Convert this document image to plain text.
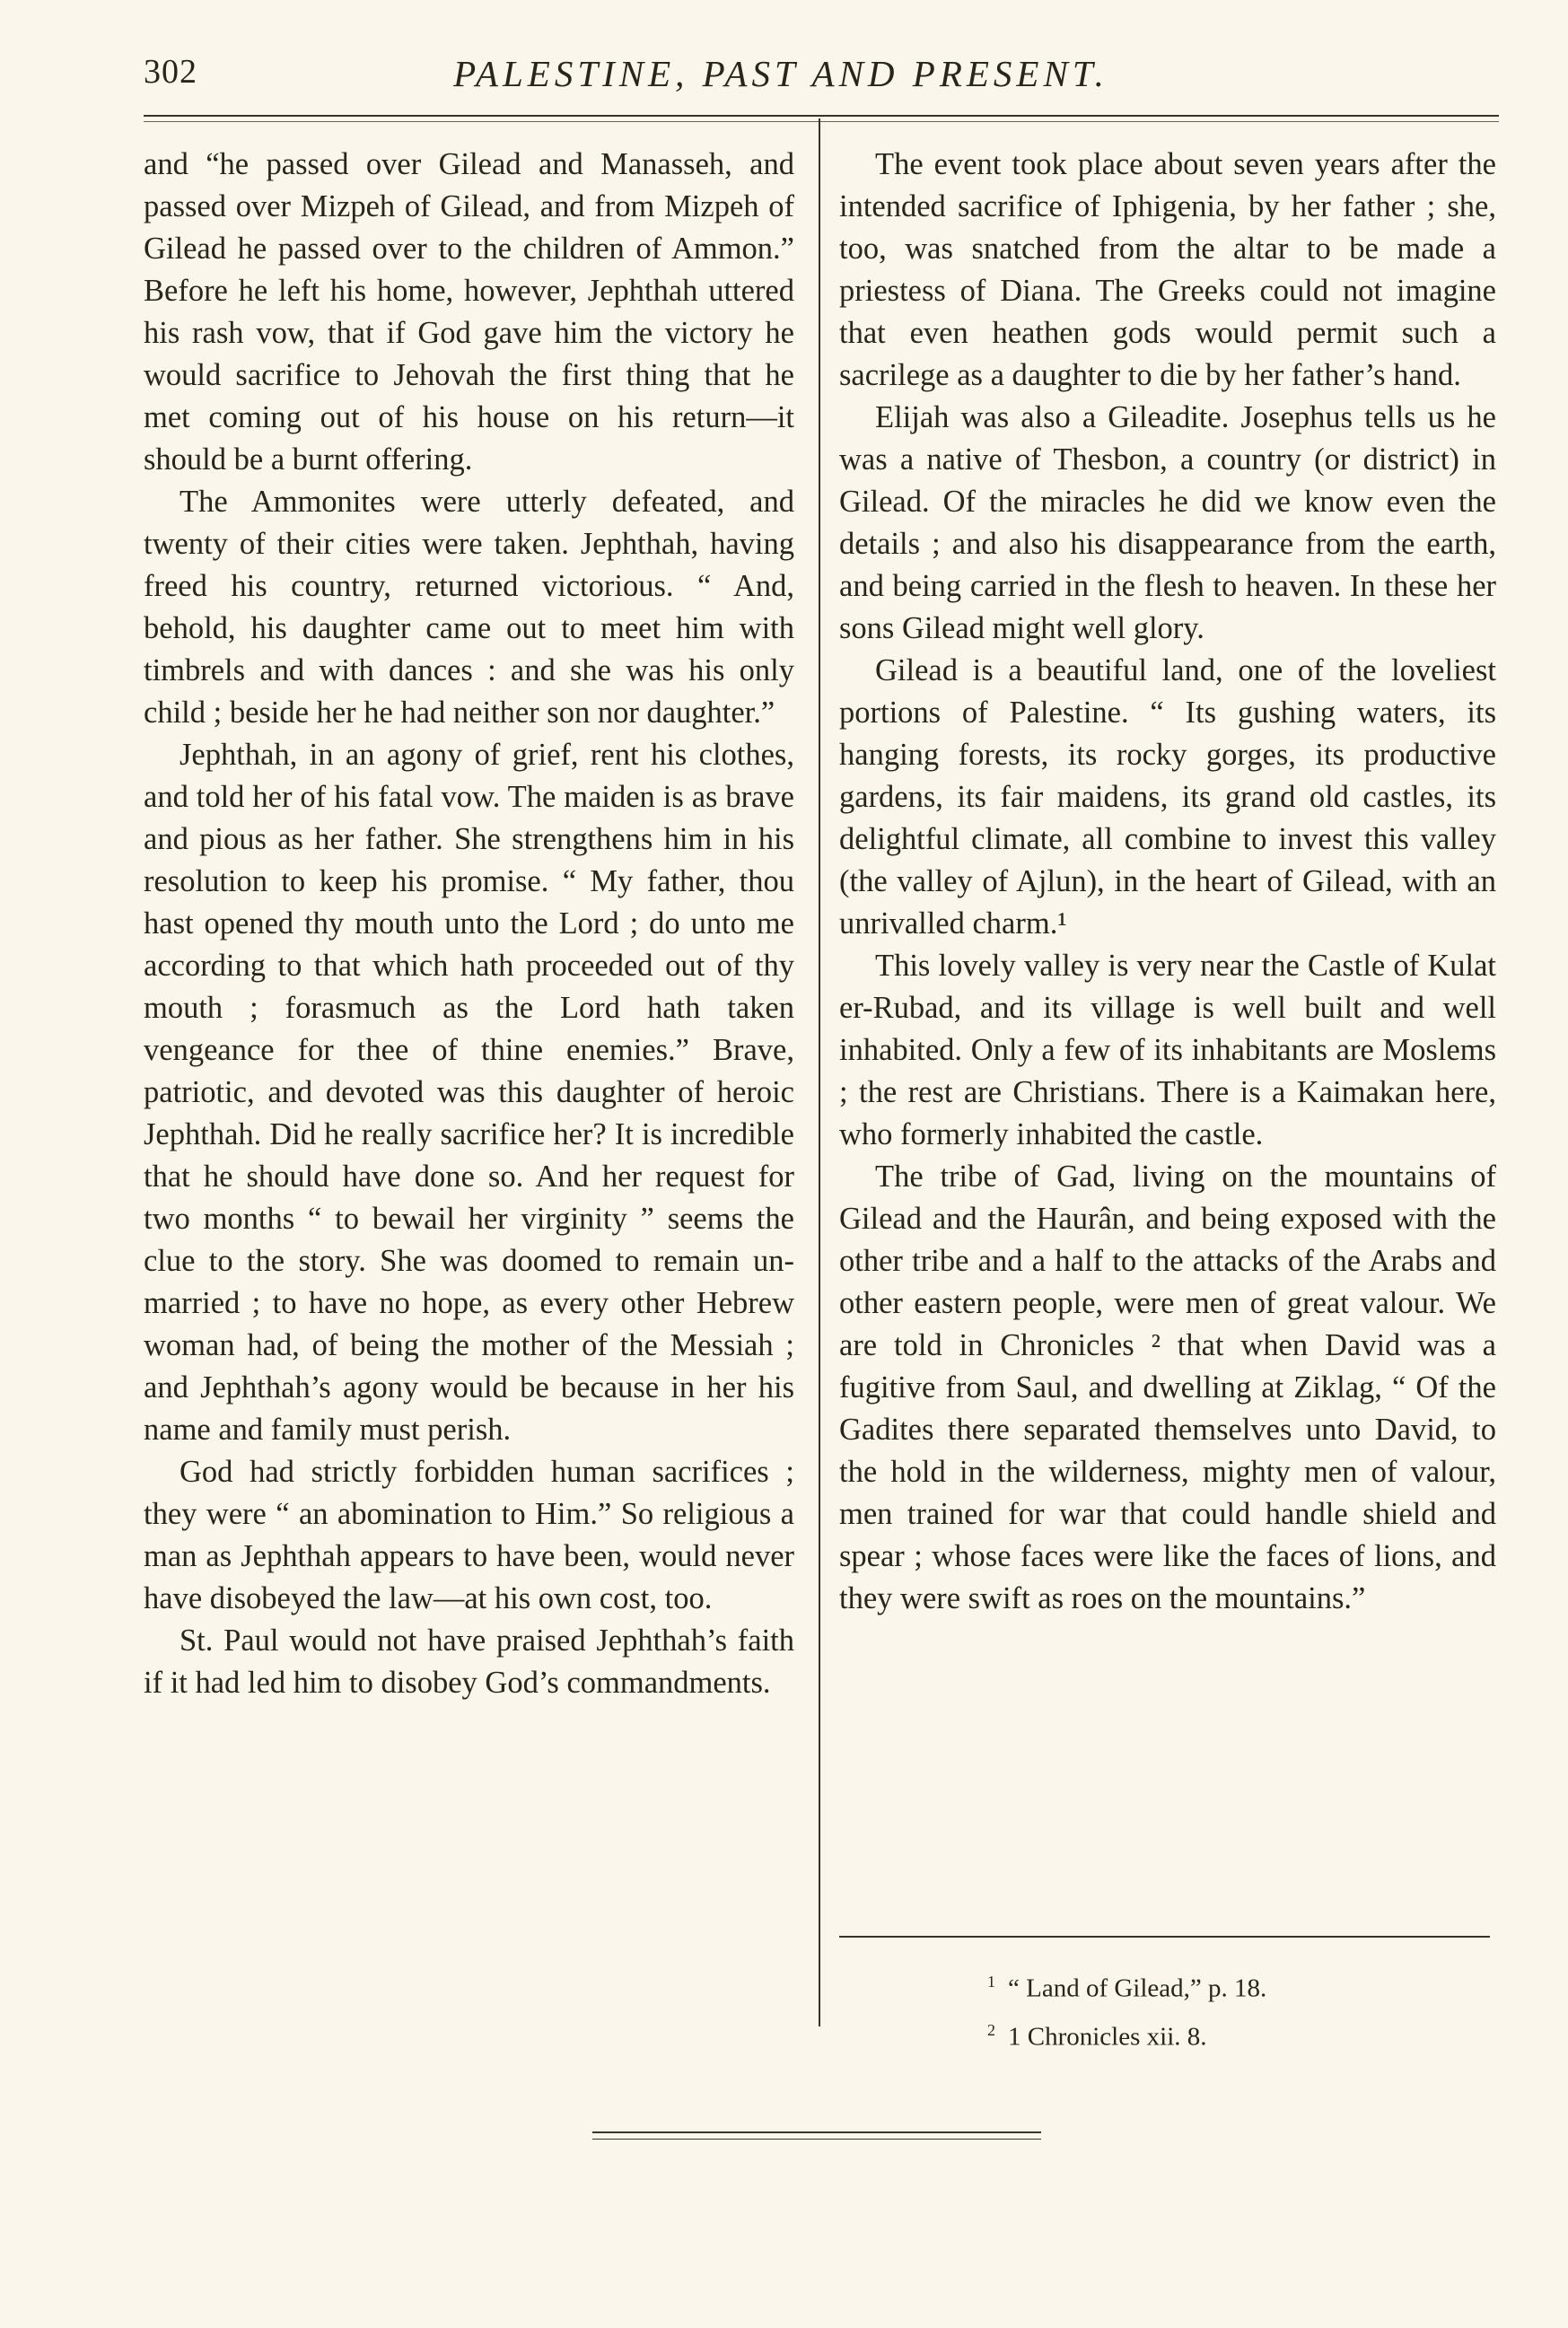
302	PALESTINE, PAST AND PRESENT.

and “he passed over Gilead and Manasseh, and passed over Mizpeh of Gilead, and from Mizpeh of Gilead he passed over to the children of Ammon.” Before he left his home, however, Jephthah uttered his rash vow, that if God gave him the victory he would sacrifice to Jehovah the first thing that he met coming out of his house on his return—it should be a burnt offering.

The Ammonites were utterly defeated, and twenty of their cities were taken. Jephthah, having freed his country, returned victorious. “ And, behold, his daughter came out to meet him with timbrels and with dances : and she was his only child ; beside her he had neither son nor daughter.”

Jephthah, in an agony of grief, rent his clothes, and told her of his fatal vow. The maiden is as brave and pious as her father. She strengthens him in his resolution to keep his promise. “ My father, thou hast opened thy mouth unto the Lord ; do unto me according to that which hath proceeded out of thy mouth ; forasmuch as the Lord hath taken vengeance for thee of thine enemies.” Brave, patriotic, and devoted was this daughter of heroic Jephthah. Did he really sacrifice her? It is incredible that he should have done so. And her request for two months “ to bewail her virginity ” seems the clue to the story. She was doomed to remain unmarried ; to have no hope, as every other Hebrew woman had, of being the mother of the Messiah ; and Jephthah’s agony would be because in her his name and family must perish.

God had strictly forbidden human sacrifices ; they were “ an abomination to Him.” So religious a man as Jephthah appears to have been, would never have disobeyed the law—at his own cost, too.

St. Paul would not have praised Jephthah’s faith if it had led him to disobey God’s commandments.

The event took place about seven years after the intended sacrifice of Iphigenia, by her father ; she, too, was snatched from the altar to be made a priestess of Diana. The Greeks could not imagine that even heathen gods would permit such a sacrilege as a daughter to die by her father’s hand.

Elijah was also a Gileadite. Josephus tells us he was a native of Thesbon, a country (or district) in Gilead. Of the miracles he did we know even the details ; and also his disappearance from the earth, and being carried in the flesh to heaven. In these her sons Gilead might well glory.

Gilead is a beautiful land, one of the loveliest portions of Palestine. “ Its gushing waters, its hanging forests, its rocky gorges, its productive gardens, its fair maidens, its grand old castles, its delightful climate, all combine to invest this valley (the valley of Ajlun), in the heart of Gilead, with an unrivalled charm.¹

This lovely valley is very near the Castle of Kulat er-Rubad, and its village is well built and well inhabited. Only a few of its inhabitants are Moslems ; the rest are Christians. There is a Kaimakan here, who formerly inhabited the castle.

The tribe of Gad, living on the mountains of Gilead and the Haurân, and being exposed with the other tribe and a half to the attacks of the Arabs and other eastern people, were men of great valour. We are told in Chronicles ² that when David was a fugitive from Saul, and dwelling at Ziklag, “ Of the Gadites there separated themselves unto David, to the hold in the wilderness, mighty men of valour, men trained for war that could handle shield and spear ; whose faces were like the faces of lions, and they were swift as roes on the mountains.”

$^1$ “ Land of Gilead,” p. 18.

$^2$ 1 Chronicles xii. 8.
